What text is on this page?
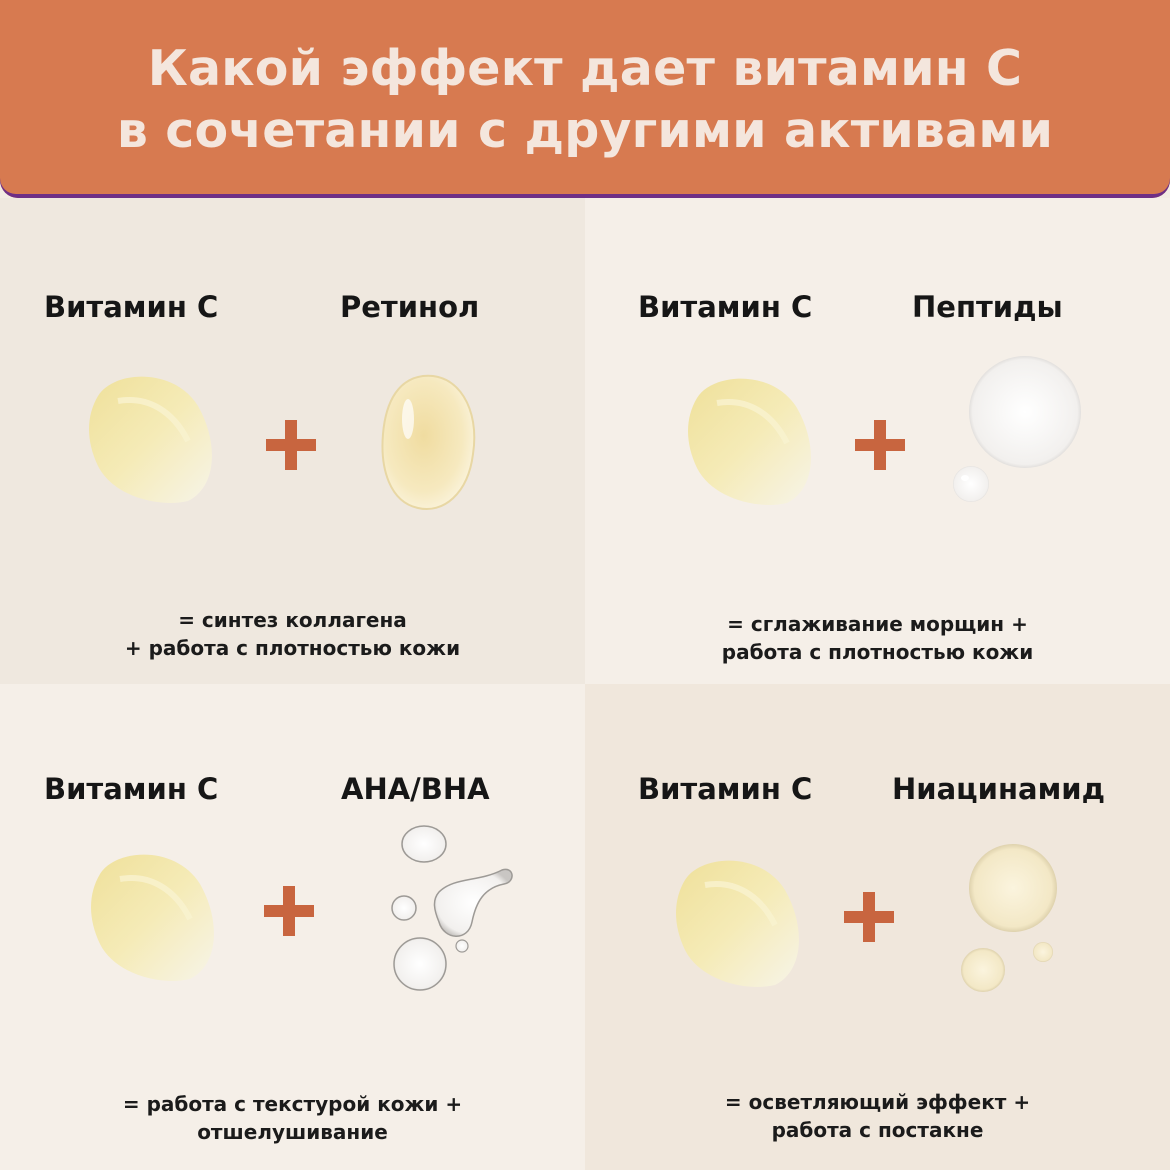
Какой эффект дает витамин С
в сочетании с другими активами
Витамин С	Ретинол
= синтез коллагена
+ работа с плотностью кожи
Витамин С	Пептиды
= сглаживание морщин +
работа с плотностью кожи
Витамин С	AHA/BHA
= работа с текстурой кожи +
отшелушивание
Витамин С	Ниацинамид
= осветляющий эффект +
работа с постакне
